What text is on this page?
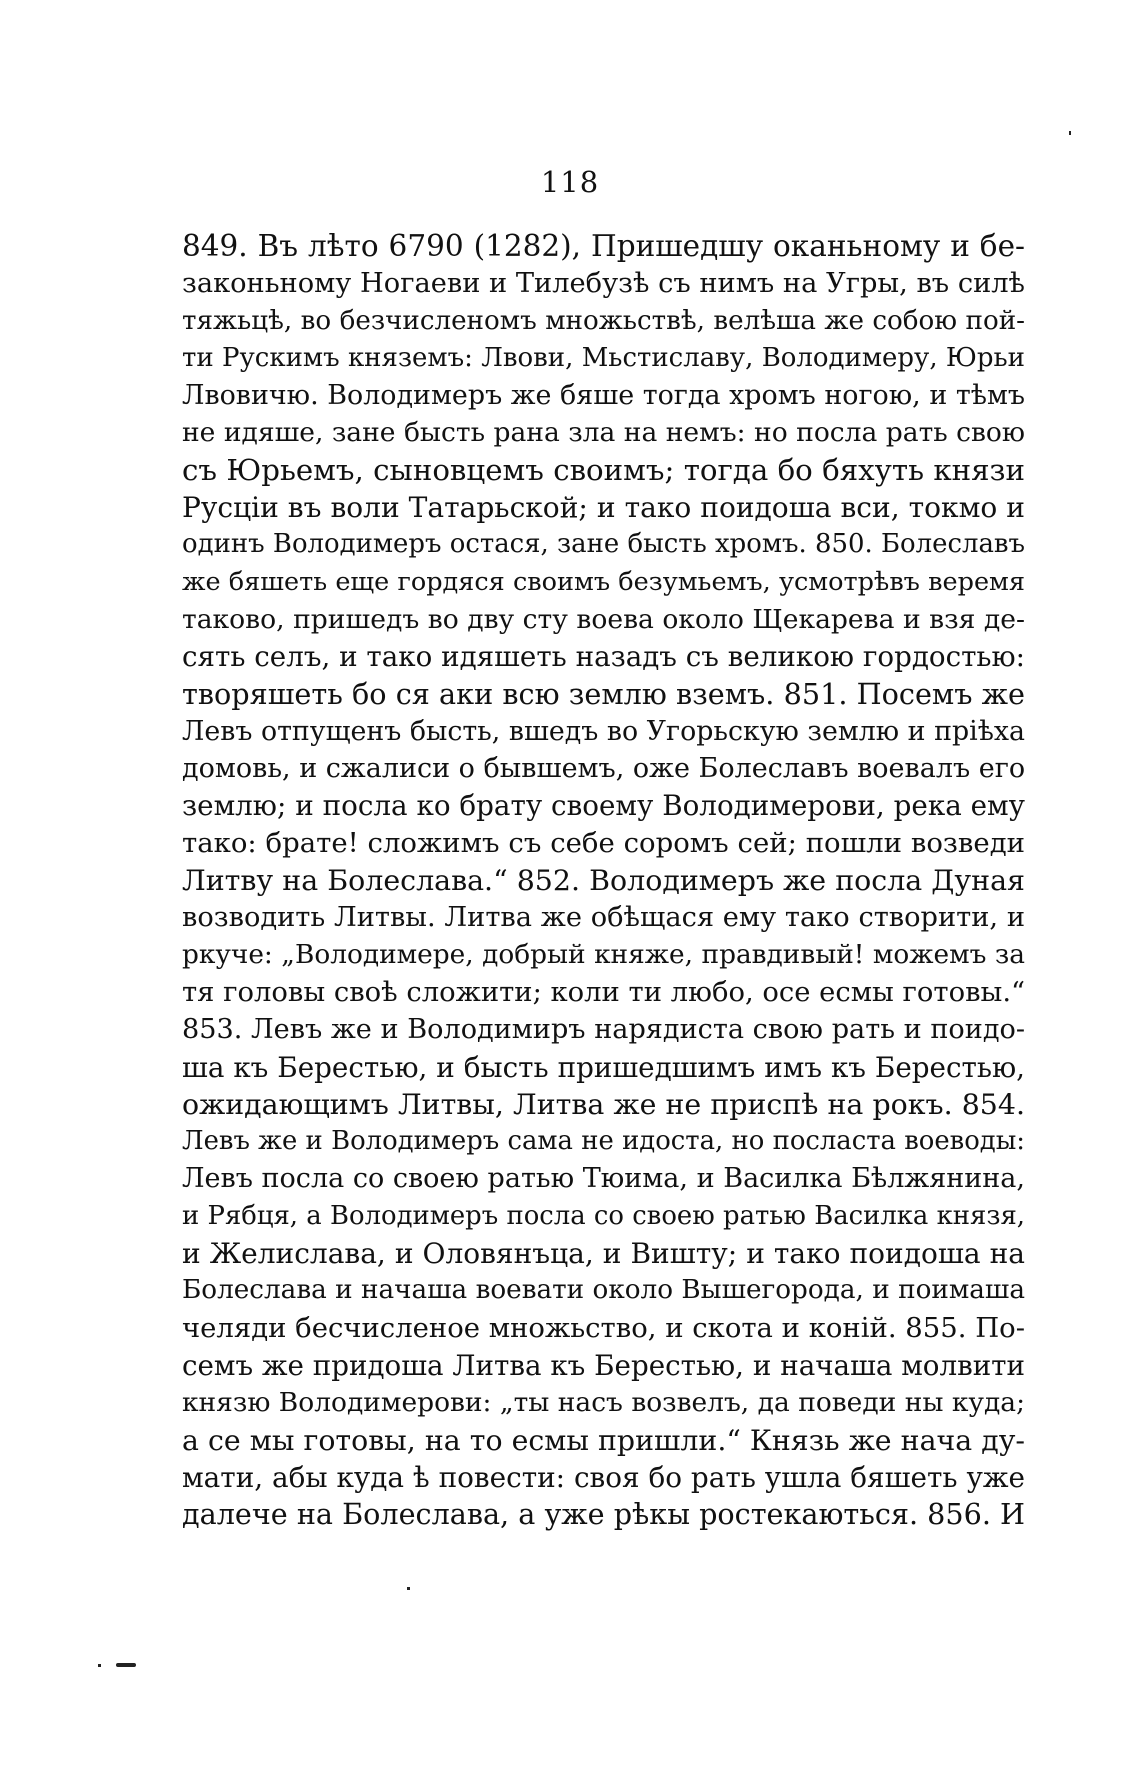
118
849. Въ лѣто 6790 (1282), Пришедшу оканьному и бе-
законьному Ногаеви и Тилебузѣ съ нимъ на Угры, въ силѣ
тяжьцѣ, во безчисленомъ множьствѣ, велѣша же собою пой-
ти Рускимъ княземъ: Лвови, Мьстиславу, Володимеру, Юрьи
Лвовичю. Володимеръ же бяше тогда хромъ ногою, и тѣмъ
не идяше, зане бысть рана зла на немъ: но посла рать свою
съ Юрьемъ, сыновцемъ своимъ; тогда бо бяхуть князи
Русціи въ воли Татарьской; и тако поидоша вси, токмо и
одинъ Володимеръ остася, зане бысть хромъ. 850. Болеславъ
же бяшеть еще гордяся своимъ безумьемъ, усмотрѣвъ веремя
таково, пришедъ во дву сту воева около Щекарева и взя де-
сять селъ, и тако идяшеть назадъ съ великою гордостью:
творяшеть бо ся аки всю землю вземъ. 851. Посемъ же
Левъ отпущенъ бысть, вшедъ во Угорьскую землю и прiѣха
домовь, и сжалиси о бывшемъ, оже Болеславъ воевалъ его
землю; и посла ко брату своему Володимерови, река ему
тако: брате! сложимъ съ себе соромъ сей; пошли возведи
Литву на Болеслава.“ 852. Володимеръ же посла Дуная
возводить Литвы. Литва же обѣщася ему тако створити, и
ркуче: „Володимере, добрый княже, правдивый! можемъ за
тя головы своѣ сложити; коли ти любо, осе есмы готовы.“
853. Левъ же и Володимиръ нарядиста свою рать и поидо-
ша къ Берестью, и бысть пришедшимъ имъ къ Берестью,
ожидающимъ Литвы, Литва же не приспѣ на рокъ. 854.
Левъ же и Володимеръ сама не идоста, но посласта воеводы:
Левъ посла со своею ратью Тюима, и Василка Бѣлжянина,
и Рябця, а Володимеръ посла со своею ратью Василка князя,
и Желислава, и Оловянъца, и Вишту; и тако поидоша на
Болеслава и начаша воевати около Вышегорода, и поимаша
челяди бесчисленое множьство, и скота и конiй. 855. По-
семъ же придоша Литва къ Берестью, и начаша молвити
князю Володимерови: „ты насъ возвелъ, да поведи ны куда;
а се мы готовы, на то есмы пришли.“ Князь же нача ду-
мати, абы куда ѣ повести: своя бо рать ушла бяшеть уже
далече на Болеслава, а уже рѣкы ростекаються. 856. И
